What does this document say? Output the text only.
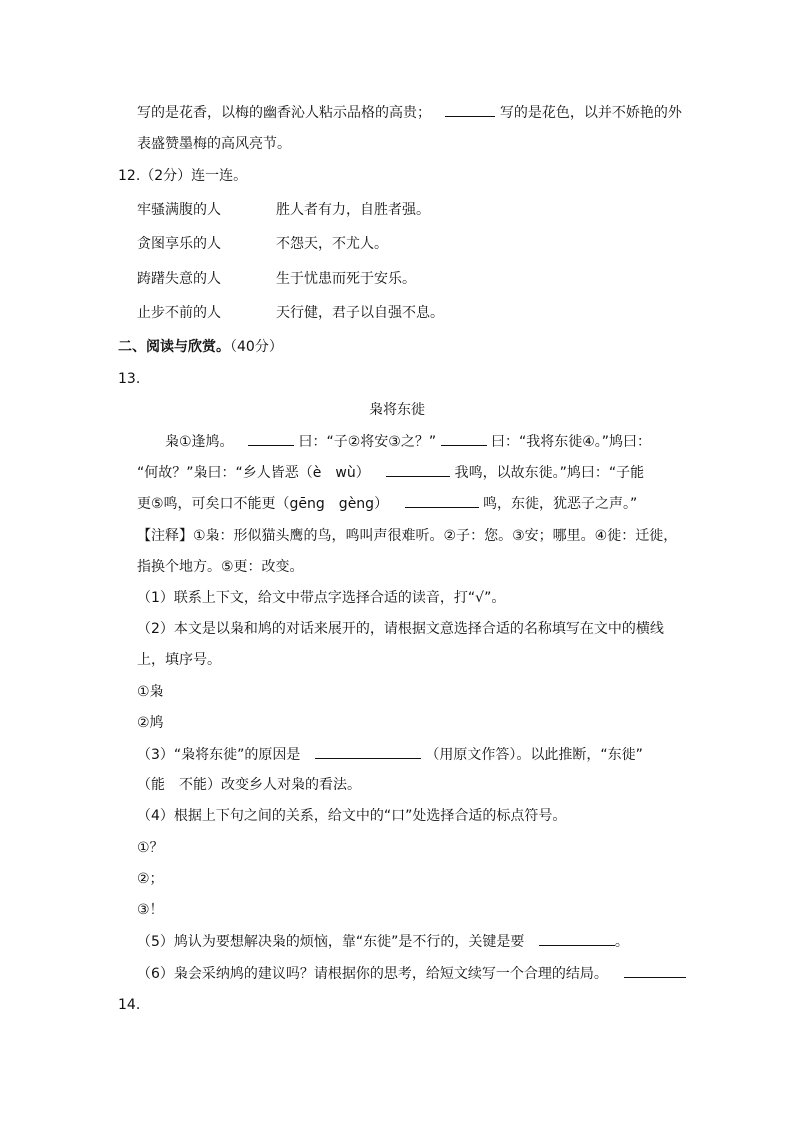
写的是花香，以梅的幽香沁人粘示品格的高贵；	写的是花色，以并不娇艳的外
表盛赞墨梅的高风亮节。
12.（2分）连一连。
牢骚满腹的人	胜人者有力，自胜者强。
贪图享乐的人	不怨天，不尤人。
踌躇失意的人	生于忧患而死于安乐。
止步不前的人	天行健，君子以自强不息。
二、阅读与欣赏。（40分）
13.
枭将东徙
枭①逢鸠。	曰：“子②将安③之？”	曰：“我将东徙④。”鸠曰：
“何故？”枭曰：“乡人皆恶（è　wù）	我鸣，以故东徙。”鸠曰：“子能
更⑤鸣，可矣口不能更（gēng　gèng）	鸣，东徙，犹恶子之声。”
【注释】①枭：形似猫头鹰的鸟，鸣叫声很难听。②子：您。③安；哪里。④徙：迁徙，
指换个地方。⑤更：改变。
（1）联系上下文，给文中带点字选择合适的读音，打“√”。
（2）本文是以枭和鸠的对话来展开的，请根据文意选择合适的名称填写在文中的横线
上，填序号。
①枭
②鸠
（3）“枭将东徙”的原因是	（用原文作答）。以此推断，“东徙”
（能　不能）改变乡人对枭的看法。
（4）根据上下句之间的关系，给文中的“口”处选择合适的标点符号。
①？
②；
③！
（5）鸠认为要想解决枭的烦恼，靠“东徙”是不行的，关键是要	。
（6）枭会采纳鸠的建议吗？请根据你的思考，给短文续写一个合理的结局。
14.
